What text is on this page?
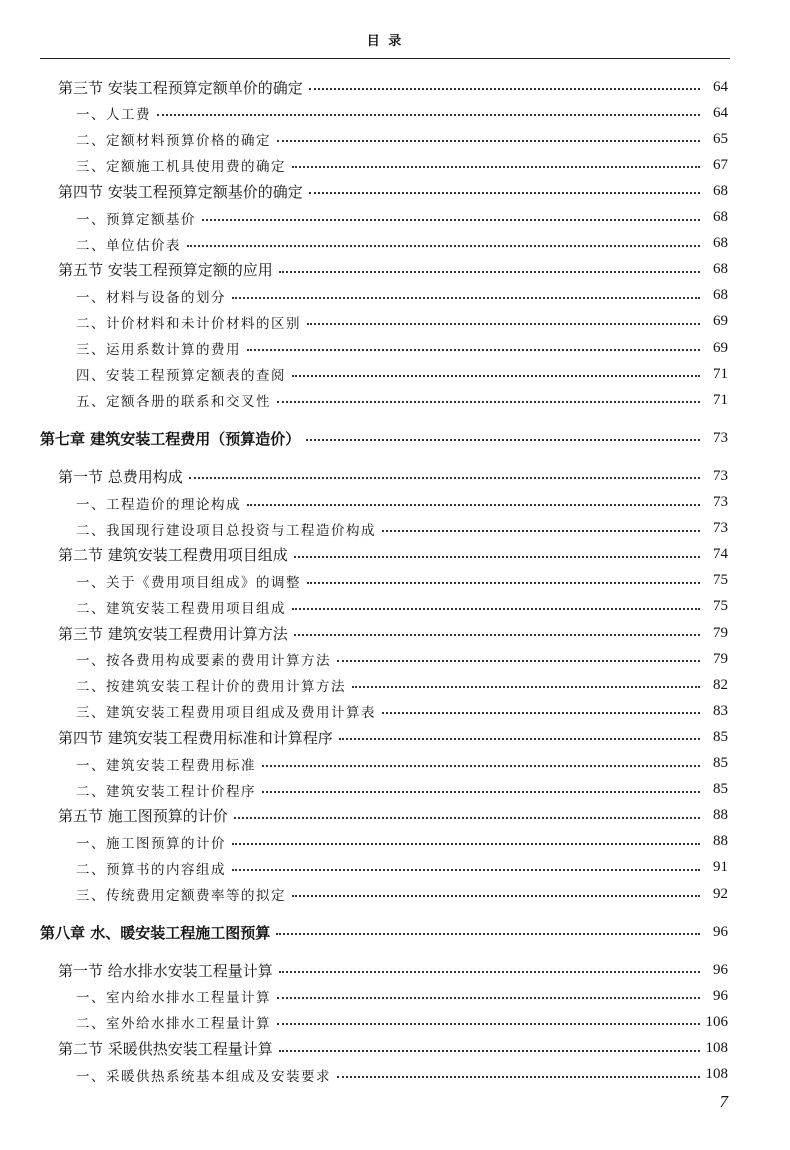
目 录
第三节 安装工程预算定额单价的确定	64
一、人工费	64
二、定额材料预算价格的确定	65
三、定额施工机具使用费的确定	67
第四节 安装工程预算定额基价的确定	68
一、预算定额基价	68
二、单位估价表	68
第五节 安装工程预算定额的应用	68
一、材料与设备的划分	68
二、计价材料和未计价材料的区别	69
三、运用系数计算的费用	69
四、安装工程预算定额表的查阅	71
五、定额各册的联系和交叉性	71
第七章 建筑安装工程费用（预算造价）	73
第一节 总费用构成	73
一、工程造价的理论构成	73
二、我国现行建设项目总投资与工程造价构成	73
第二节 建筑安装工程费用项目组成	74
一、关于《费用项目组成》的调整	75
二、建筑安装工程费用项目组成	75
第三节 建筑安装工程费用计算方法	79
一、按各费用构成要素的费用计算方法	79
二、按建筑安装工程计价的费用计算方法	82
三、建筑安装工程费用项目组成及费用计算表	83
第四节 建筑安装工程费用标准和计算程序	85
一、建筑安装工程费用标准	85
二、建筑安装工程计价程序	85
第五节 施工图预算的计价	88
一、施工图预算的计价	88
二、预算书的内容组成	91
三、传统费用定额费率等的拟定	92
第八章 水、暖安装工程施工图预算	96
第一节 给水排水安装工程量计算	96
一、室内给水排水工程量计算	96
二、室外给水排水工程量计算	106
第二节 采暖供热安装工程量计算	108
一、采暖供热系统基本组成及安装要求	108
7
